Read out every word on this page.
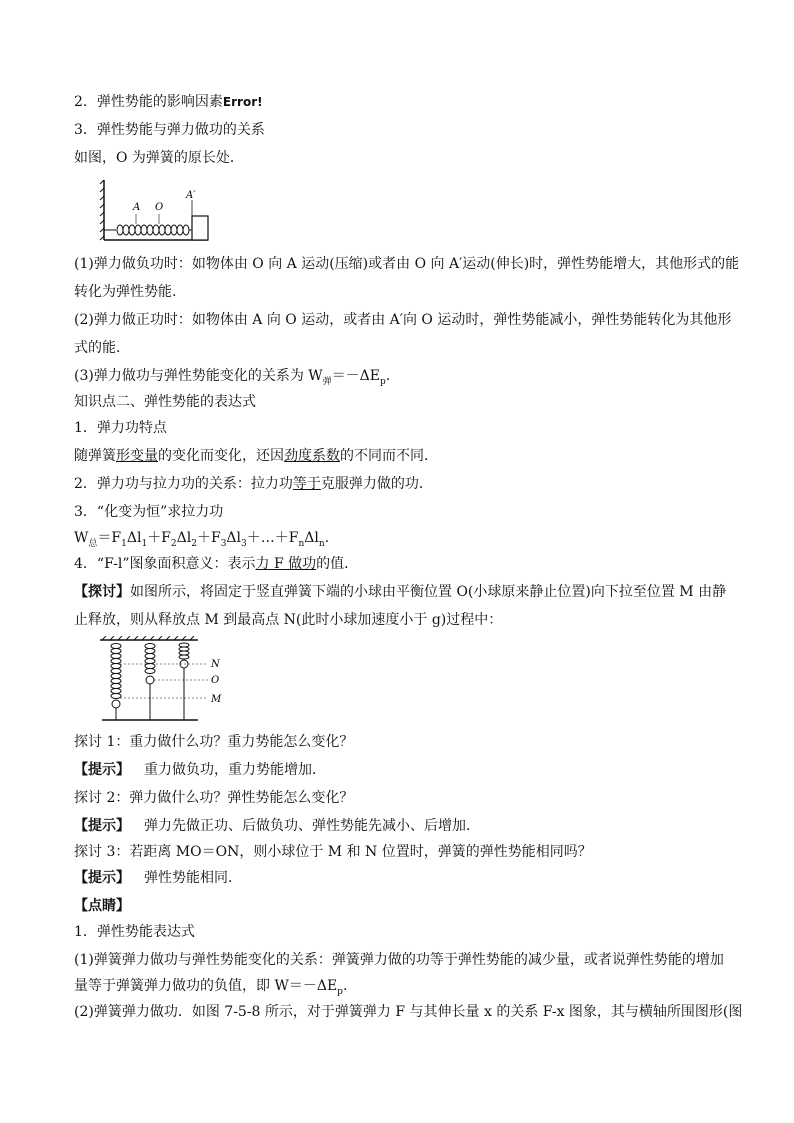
2．弹性势能的影响因素Error!
3．弹性势能与弹力做功的关系
如图，O 为弹簧的原长处．
A O
A′
(1)弹力做负功时：如物体由 O 向 A 运动(压缩)或者由 O 向 A′运动(伸长)时，弹性势能增大，其他形式的能
转化为弹性势能.
(2)弹力做正功时：如物体由 A 向 O 运动，或者由 A′向 O 运动时，弹性势能减小，弹性势能转化为其他形
式的能．
(3)弹力做功与弹性势能变化的关系为 $W_弹=-\Delta E_p$.
知识点二、弹性势能的表达式
1．弹力功特点
随弹簧形变量的变化而变化，还因劲度系数的不同而不同．
2．弹力功与拉力功的关系：拉力功等于克服弹力做的功．
3．“化变为恒”求拉力功
$W_总=F_1\Delta l_1+F_2\Delta l_2+F_3\Delta l_3+\dots+F_n\Delta l_n$.
4．“F-l”图象面积意义：表示力 F 做功的值．
【探讨】如图所示，将固定于竖直弹簧下端的小球由平衡位置 O(小球原来静止位置)向下拉至位置 M 由静
止释放，则从释放点 M 到最高点 N(此时小球加速度小于 g)过程中：
N
O
M
探讨 1：重力做什么功？重力势能怎么变化？
【提示】 重力做负功，重力势能增加．
探讨 2：弹力做什么功？弹性势能怎么变化？
【提示】 弹力先做正功、后做负功、弹性势能先减小、后增加．
探讨 3：若距离 MO＝ON，则小球位于 M 和 N 位置时，弹簧的弹性势能相同吗？
【提示】 弹性势能相同．
【点睛】
1．弹性势能表达式
(1)弹簧弹力做功与弹性势能变化的关系：弹簧弹力做的功等于弹性势能的减少量，或者说弹性势能的增加
量等于弹簧弹力做功的负值，即 $W=-\Delta E_p$.
(2)弹簧弹力做功．如图 7-5-8 所示，对于弹簧弹力 F 与其伸长量 x 的关系 F-x 图象，其与横轴所围图形(图
